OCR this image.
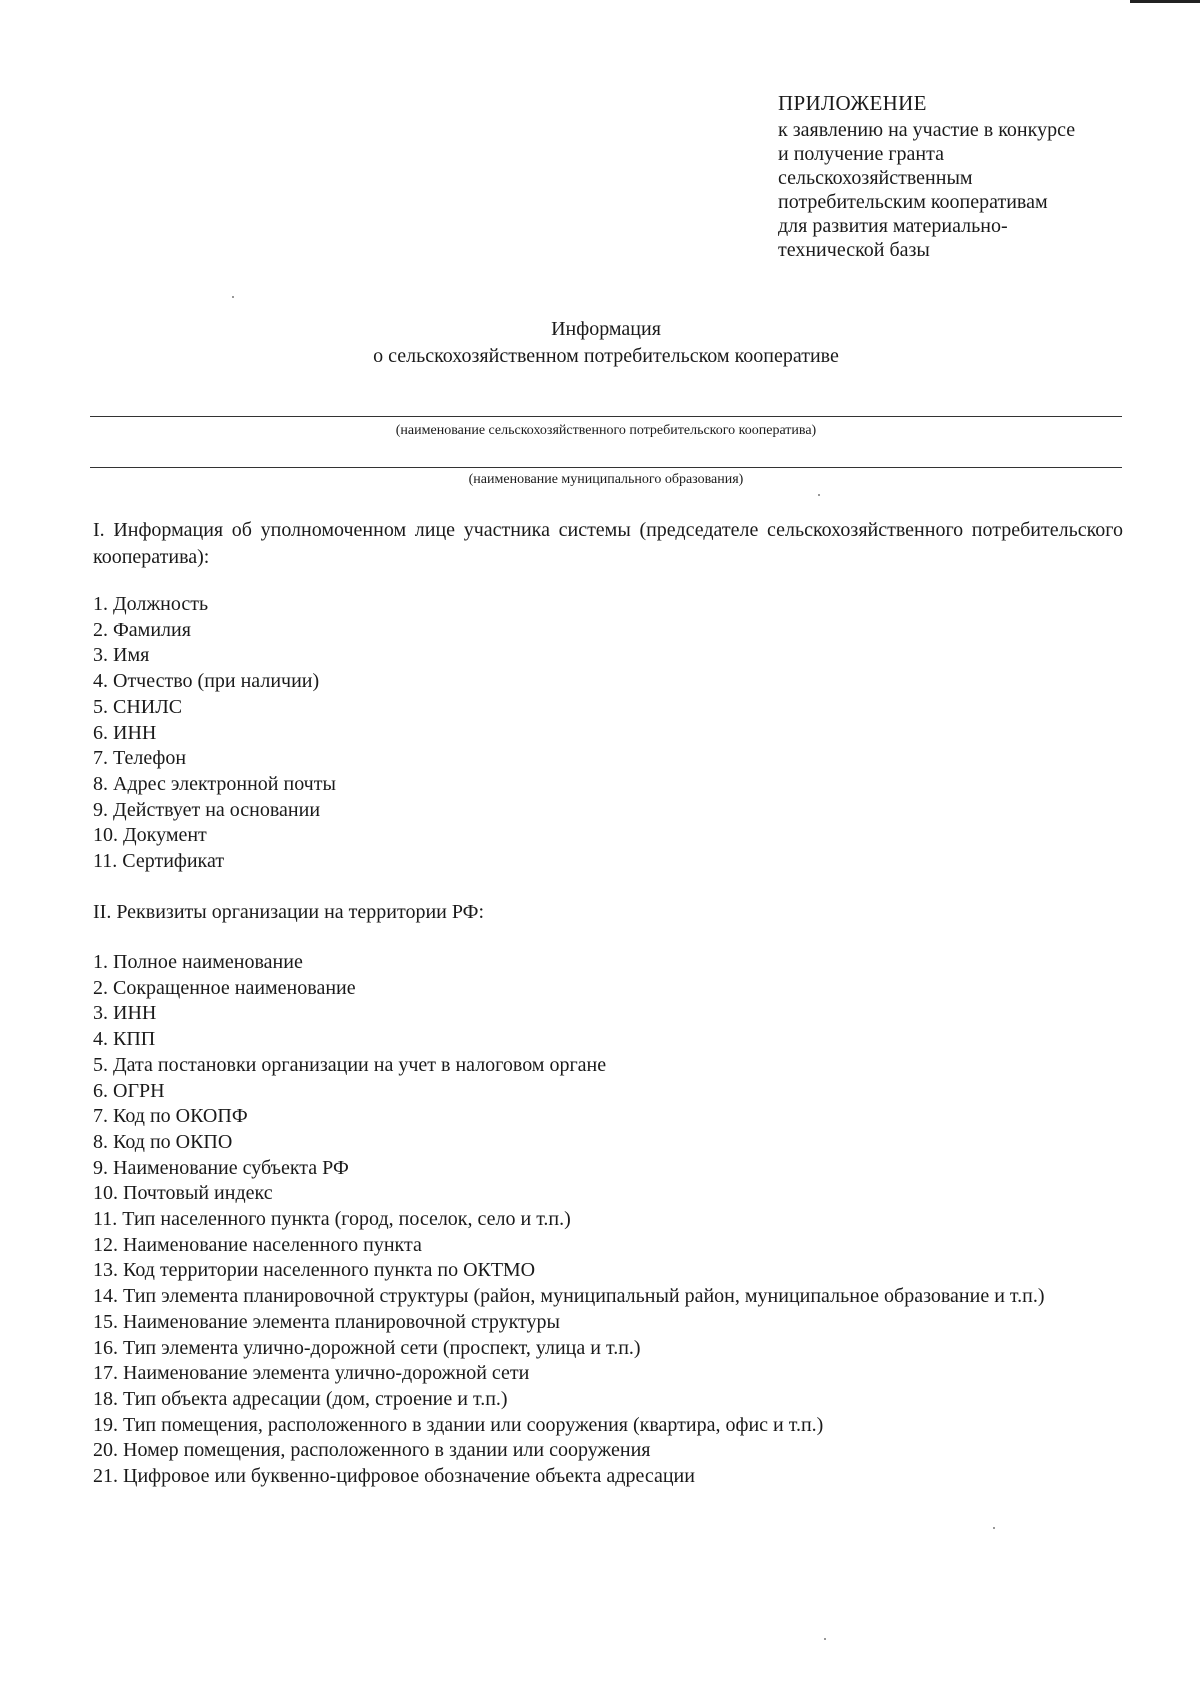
ПРИЛОЖЕНИЕ
к заявлению на участие в конкурсе
и получение гранта
сельскохозяйственным
потребительским кооперативам
для развития материально-
технической базы
Информация
о сельскохозяйственном потребительском кооперативе
(наименование сельскохозяйственного потребительского кооператива)
(наименование муниципального образования)
I. Информация об уполномоченном лице участника системы (председателе сельскохозяйственного потребительского кооператива):
1. Должность
2. Фамилия
3. Имя
4. Отчество (при наличии)
5. СНИЛС
6. ИНН
7. Телефон
8. Адрес электронной почты
9. Действует на основании
10. Документ
11. Сертификат
II. Реквизиты организации на территории РФ:
1. Полное наименование
2. Сокращенное наименование
3. ИНН
4. КПП
5. Дата постановки организации на учет в налоговом органе
6. ОГРН
7. Код по ОКОПФ
8. Код по ОКПО
9. Наименование субъекта РФ
10. Почтовый индекс
11. Тип населенного пункта (город, поселок, село и т.п.)
12. Наименование населенного пункта
13. Код территории населенного пункта по ОКТМО
14. Тип элемента планировочной структуры (район, муниципальный район, муниципальное образование и т.п.)
15. Наименование элемента планировочной структуры
16. Тип элемента улично-дорожной сети (проспект, улица и т.п.)
17. Наименование элемента улично-дорожной сети
18. Тип объекта адресации (дом, строение и т.п.)
19. Тип помещения, расположенного в здании или сооружения (квартира, офис и т.п.)
20. Номер помещения, расположенного в здании или сооружения
21. Цифровое или буквенно-цифровое обозначение объекта адресации
